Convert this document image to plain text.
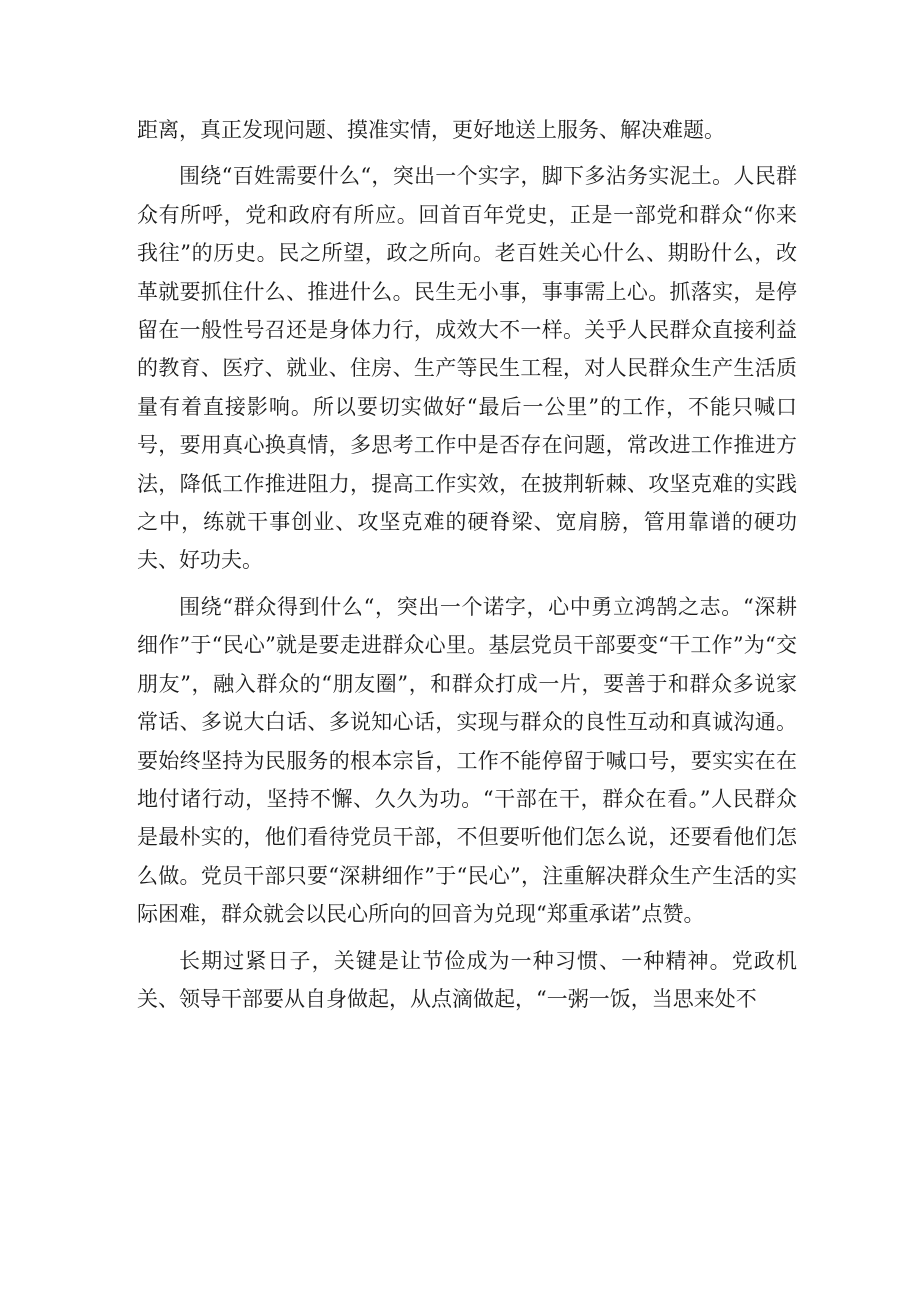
距离，真正发现问题、摸准实情，更好地送上服务、解决难题。

围绕“百姓需要什么“，突出一个实字，脚下多沾务实泥土。人民群众有所呼，党和政府有所应。回首百年党史，正是一部党和群众“你来我往”的历史。民之所望，政之所向。老百姓关心什么、期盼什么，改革就要抓住什么、推进什么。民生无小事，事事需上心。抓落实，是停留在一般性号召还是身体力行，成效大不一样。关乎人民群众直接利益的教育、医疗、就业、住房、生产等民生工程，对人民群众生产生活质量有着直接影响。所以要切实做好“最后一公里”的工作，不能只喊口号，要用真心换真情，多思考工作中是否存在问题，常改进工作推进方法，降低工作推进阻力，提高工作实效，在披荆斩棘、攻坚克难的实践之中，练就干事创业、攻坚克难的硬脊梁、宽肩膀，管用靠谱的硬功夫、好功夫。

围绕“群众得到什么“，突出一个诺字，心中勇立鸿鹄之志。“深耕细作”于“民心”就是要走进群众心里。基层党员干部要变“干工作”为“交朋友”，融入群众的“朋友圈”，和群众打成一片，要善于和群众多说家常话、多说大白话、多说知心话，实现与群众的良性互动和真诚沟通。要始终坚持为民服务的根本宗旨，工作不能停留于喊口号，要实实在在地付诸行动，坚持不懈、久久为功。“干部在干，群众在看。”人民群众是最朴实的，他们看待党员干部，不但要听他们怎么说，还要看他们怎么做。党员干部只要“深耕细作”于“民心”，注重解决群众生产生活的实际困难，群众就会以民心所向的回音为兑现“郑重承诺”点赞。

长期过紧日子，关键是让节俭成为一种习惯、一种精神。党政机关、领导干部要从自身做起，从点滴做起，“一粥一饭，当思来处不
